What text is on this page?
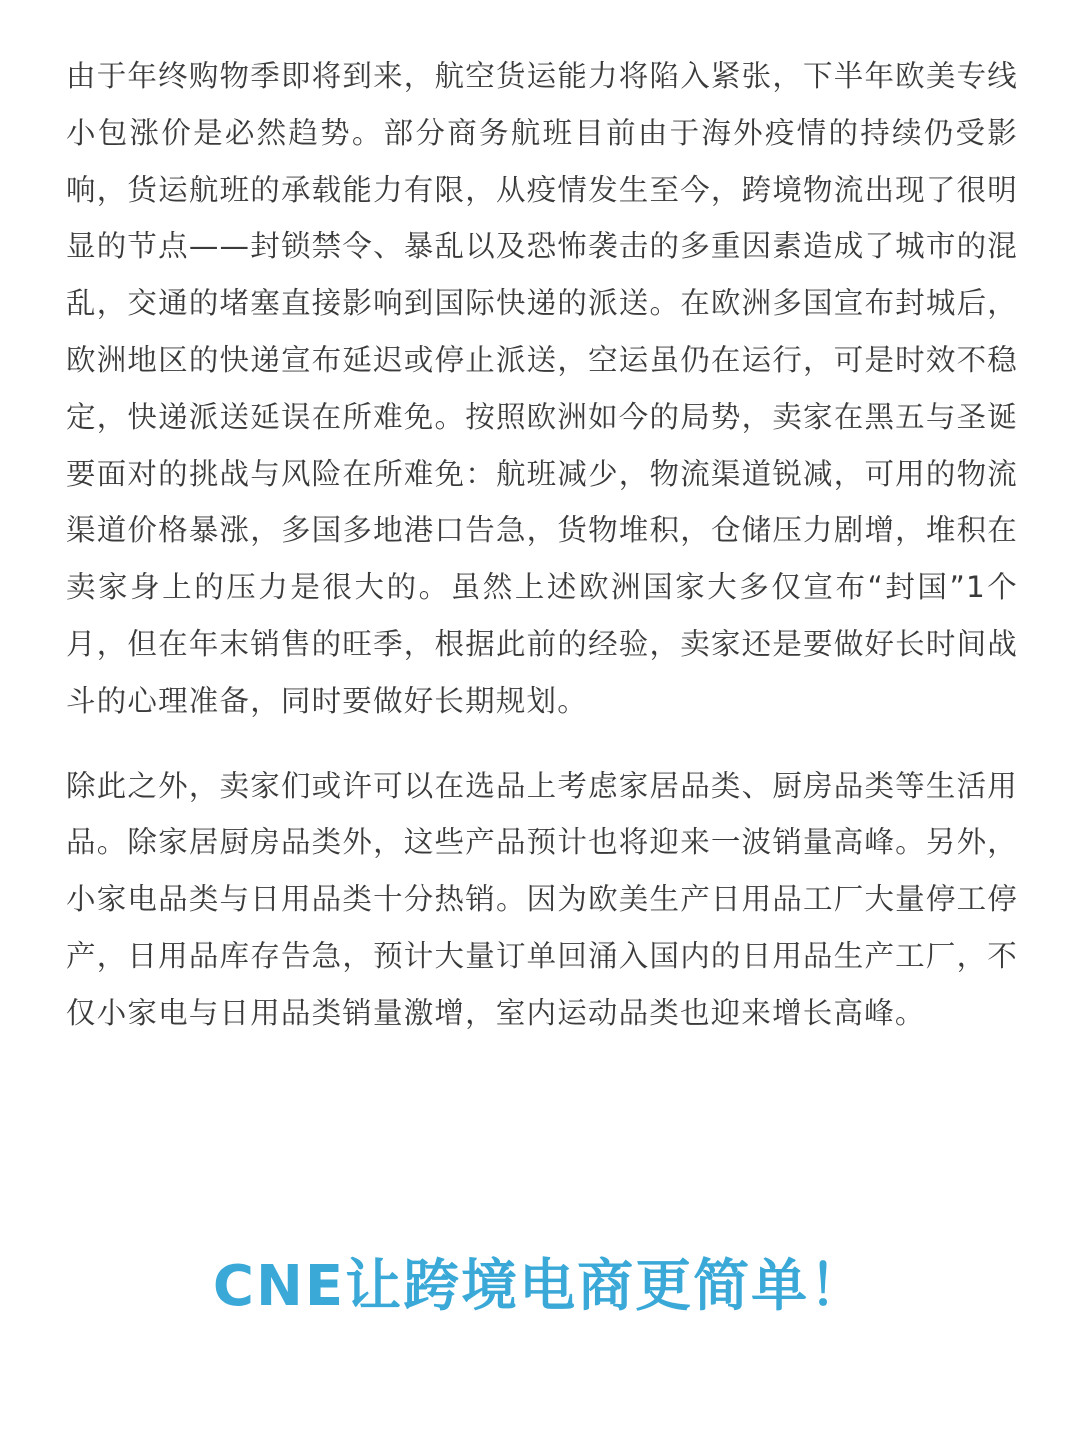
由于年终购物季即将到来，航空货运能力将陷入紧张，下半年欧美专线小包涨价是必然趋势。部分商务航班目前由于海外疫情的持续仍受影响，货运航班的承载能力有限，从疫情发生至今，跨境物流出现了很明显的节点——封锁禁令、暴乱以及恐怖袭击的多重因素造成了城市的混乱，交通的堵塞直接影响到国际快递的派送。在欧洲多国宣布封城后，欧洲地区的快递宣布延迟或停止派送，空运虽仍在运行，可是时效不稳定，快递派送延误在所难免。按照欧洲如今的局势，卖家在黑五与圣诞要面对的挑战与风险在所难免：航班减少，物流渠道锐减，可用的物流渠道价格暴涨，多国多地港口告急，货物堆积，仓储压力剧增，堆积在卖家身上的压力是很大的。虽然上述欧洲国家大多仅宣布“封国”1个月，但在年末销售的旺季，根据此前的经验，卖家还是要做好长时间战斗的心理准备，同时要做好长期规划。

除此之外，卖家们或许可以在选品上考虑家居品类、厨房品类等生活用品。除家居厨房品类外，这些产品预计也将迎来一波销量高峰。另外，小家电品类与日用品类十分热销。因为欧美生产日用品工厂大量停工停产，日用品库存告急，预计大量订单回涌入国内的日用品生产工厂，不仅小家电与日用品类销量激增，室内运动品类也迎来增长高峰。

CNE让跨境电商更简单！
